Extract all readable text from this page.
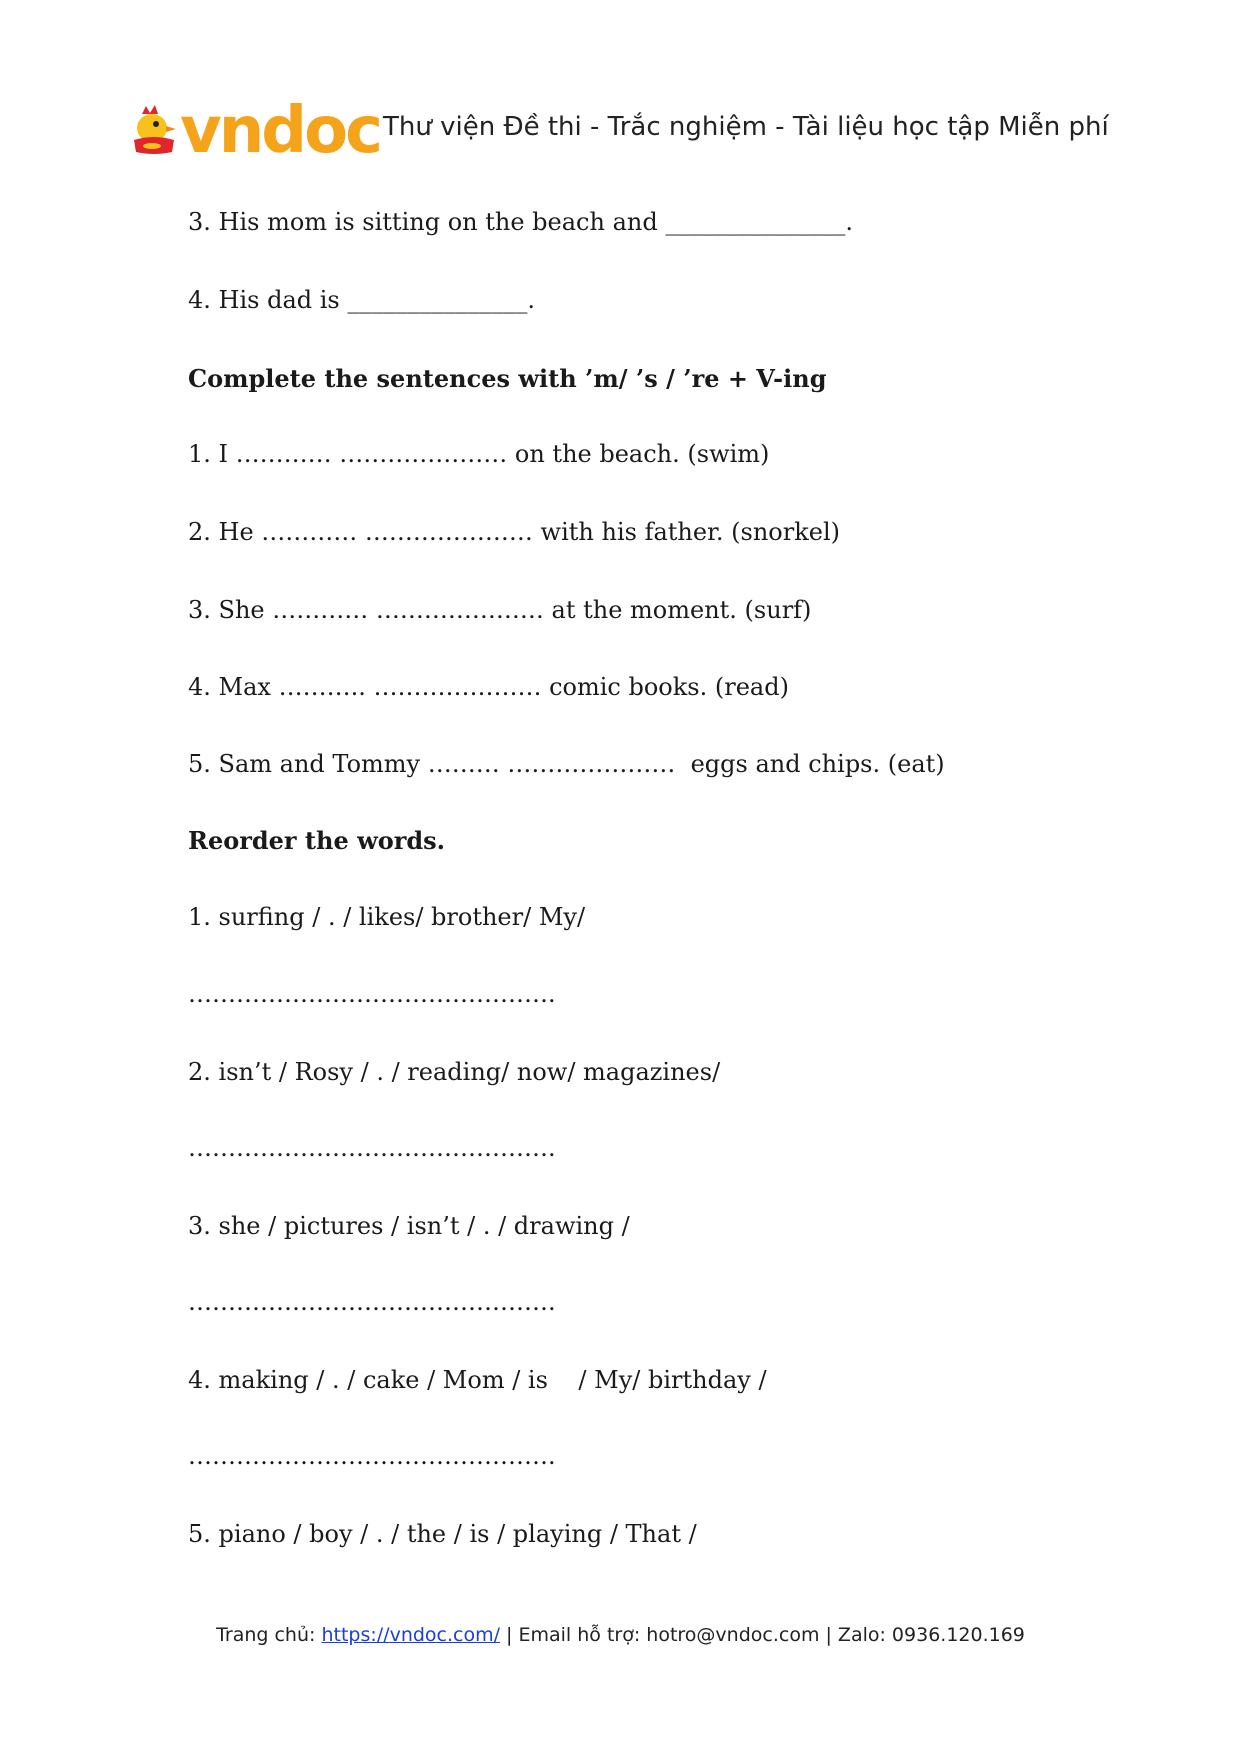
vndoc Thư viện Đề thi - Trắc nghiệm - Tài liệu học tập Miễn phí
3. His mom is sitting on the beach and _______________.
4. His dad is _______________.
Complete the sentences with ’m/ ’s / ’re + V-ing
1. I ………… ………………… on the beach. (swim)
2. He ………… ………………… with his father. (snorkel)
3. She ………… ………………… at the moment. (surf)
4. Max ……….. ………………… comic books. (read)
5. Sam and Tommy ……… …………………  eggs and chips. (eat)
Reorder the words.
1. surfing / . / likes/ brother/ My/
……………………………………….
2. isn’t / Rosy / . / reading/ now/ magazines/
……………………………………….
3. she / pictures / isn’t / . / drawing /
……………………………………….
4. making / . / cake / Mom / is    / My/ birthday /
……………………………………….
5. piano / boy / . / the / is / playing / That /
Trang chủ: https://vndoc.com/ | Email hỗ trợ: hotro@vndoc.com | Zalo: 0936.120.169
